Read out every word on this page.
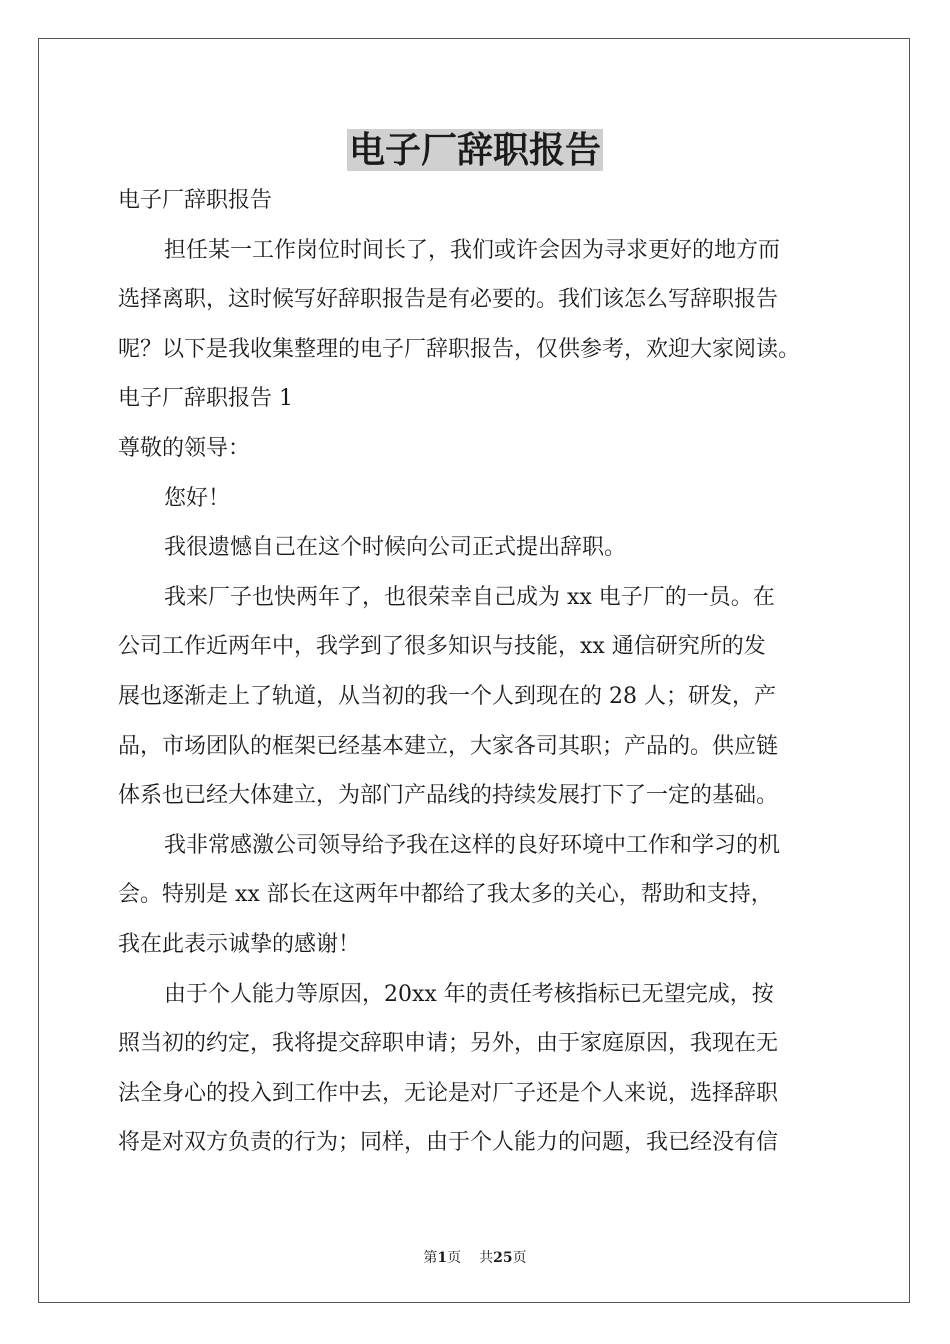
电子厂辞职报告

电子厂辞职报告

担任某一工作岗位时间长了，我们或许会因为寻求更好的地方而

选择离职，这时候写好辞职报告是有必要的。我们该怎么写辞职报告

呢？以下是我收集整理的电子厂辞职报告，仅供参考，欢迎大家阅读。

电子厂辞职报告 1

尊敬的领导：

您好！

我很遗憾自己在这个时候向公司正式提出辞职。

我来厂子也快两年了，也很荣幸自己成为 xx 电子厂的一员。在

公司工作近两年中，我学到了很多知识与技能，xx 通信研究所的发

展也逐渐走上了轨道，从当初的我一个人到现在的 28 人；研发，产

品，市场团队的框架已经基本建立，大家各司其职；产品的。供应链

体系也已经大体建立，为部门产品线的持续发展打下了一定的基础。

我非常感激公司领导给予我在这样的良好环境中工作和学习的机

会。特别是 xx 部长在这两年中都给了我太多的关心，帮助和支持，

我在此表示诚挚的感谢！

由于个人能力等原因，20xx 年的责任考核指标已无望完成，按

照当初的约定，我将提交辞职申请；另外，由于家庭原因，我现在无

法全身心的投入到工作中去，无论是对厂子还是个人来说，选择辞职

将是对双方负责的行为；同样，由于个人能力的问题，我已经没有信

第1页 共25页
